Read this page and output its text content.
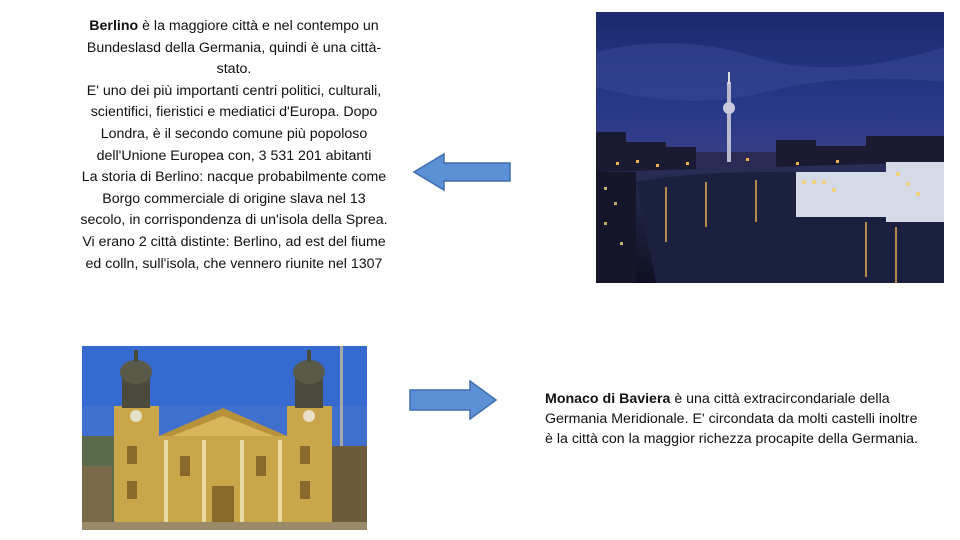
Berlino è la maggiore città e nel contempo un Bundeslasd della Germania, quindi è una città-stato.

E' uno dei più importanti centri politici, culturali, scientifici, fieristici e mediatici d'Europa. Dopo Londra, è il secondo comune più popoloso dell'Unione Europea con, 3 531 201 abitanti

La storia di Berlino: nacque probabilmente come Borgo commerciale di origine slava nel 13 secolo, in corrispondenza di un'isola della Sprea. Vi erano 2 città distinte: Berlino, ad est del fiume ed colln, sull'isola, che vennero riunite nel 1307

Monaco di Baviera è una città extracircondariale della Germania Meridionale. E' circondata da molti castelli inoltre è la città con la maggior richezza procapite della Germania.
